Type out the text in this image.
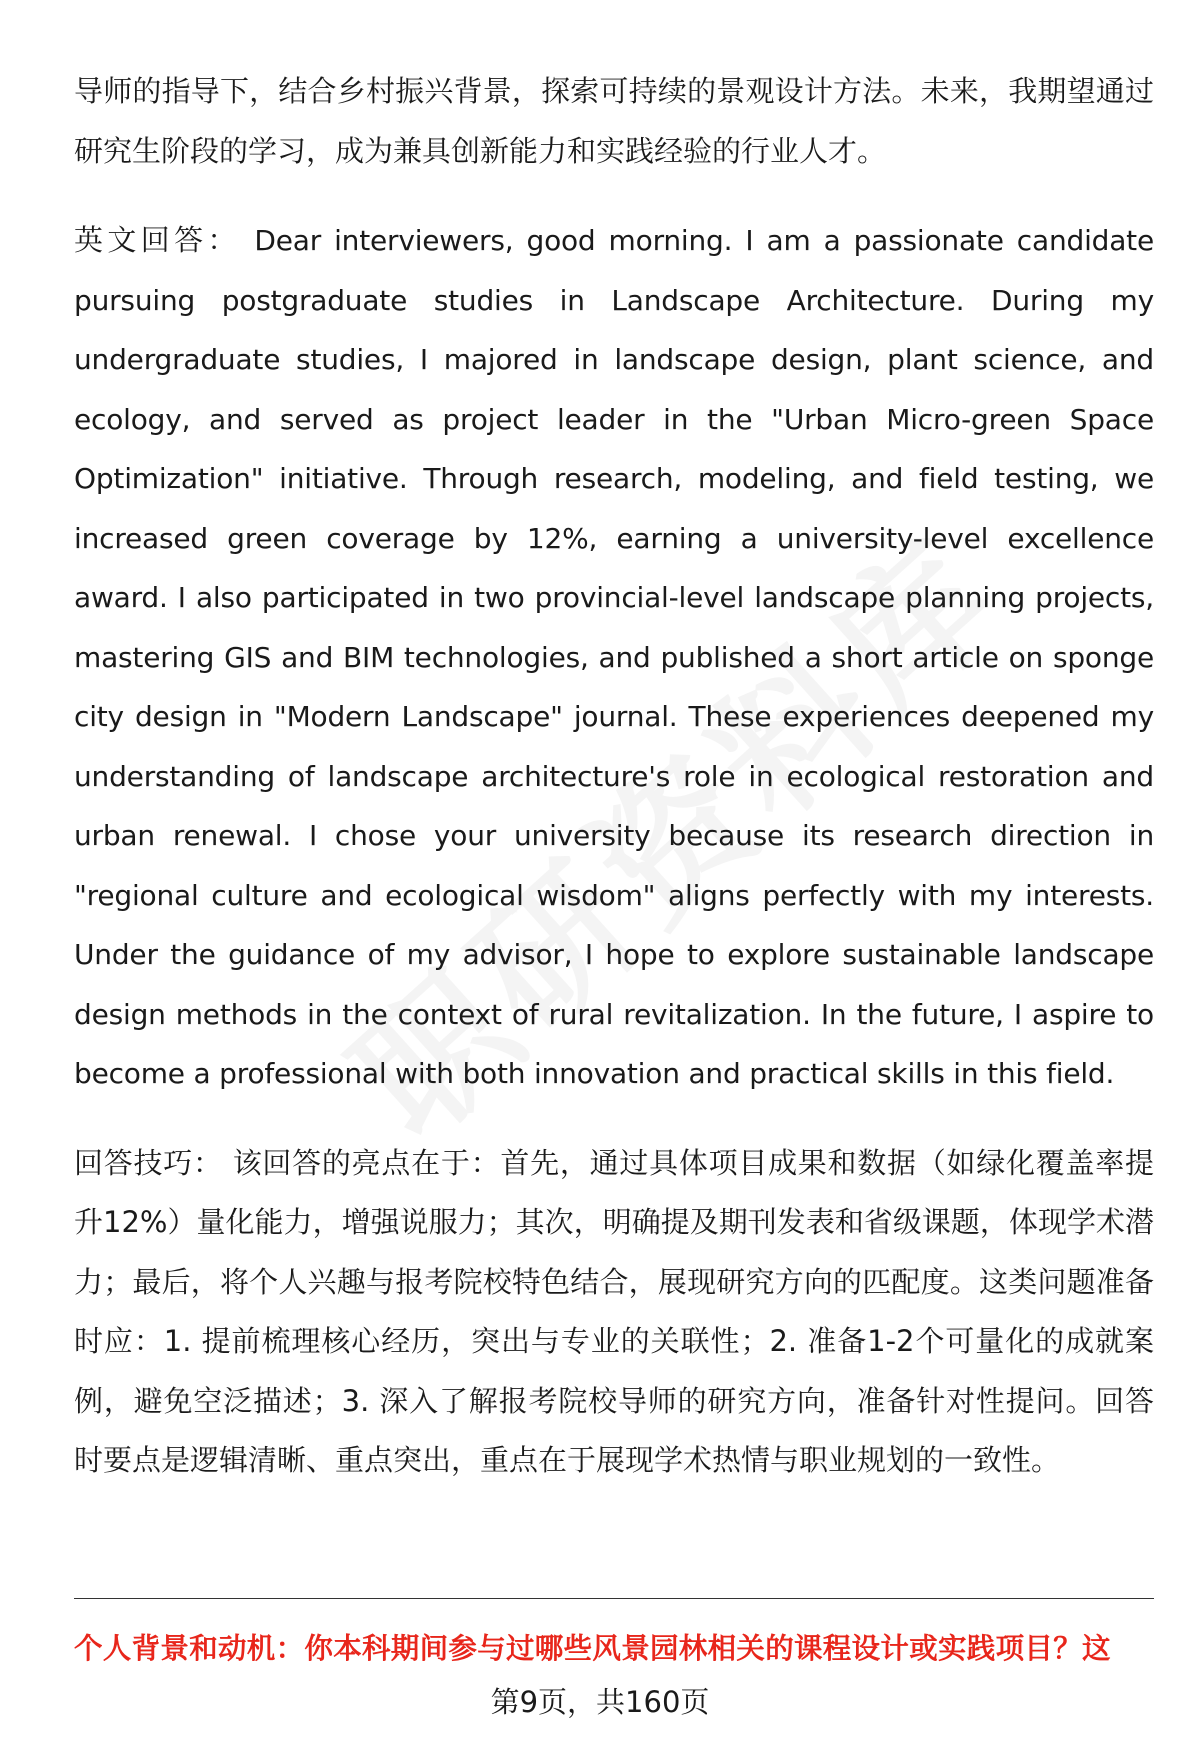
导师的指导下，结合乡村振兴背景，探索可持续的景观设计方法。未来，我期望通过研究生阶段的学习，成为兼具创新能力和实践经验的行业人才。

英文回答： Dear interviewers, good morning. I am a passionate candidate pursuing postgraduate studies in Landscape Architecture. During my undergraduate studies, I majored in landscape design, plant science, and ecology, and served as project leader in the "Urban Micro-green Space Optimization" initiative. Through research, modeling, and field testing, we increased green coverage by 12%, earning a university-level excellence award. I also participated in two provincial-level landscape planning projects, mastering GIS and BIM technologies, and published a short article on sponge city design in "Modern Landscape" journal. These experiences deepened my understanding of landscape architecture's role in ecological restoration and urban renewal. I chose your university because its research direction in "regional culture and ecological wisdom" aligns perfectly with my interests. Under the guidance of my advisor, I hope to explore sustainable landscape design methods in the context of rural revitalization. In the future, I aspire to become a professional with both innovation and practical skills in this field.

回答技巧： 该回答的亮点在于：首先，通过具体项目成果和数据（如绿化覆盖率提升12%）量化能力，增强说服力；其次，明确提及期刊发表和省级课题，体现学术潜力；最后，将个人兴趣与报考院校特色结合，展现研究方向的匹配度。这类问题准备时应：1. 提前梳理核心经历，突出与专业的关联性；2. 准备1-2个可量化的成就案例，避免空泛描述；3. 深入了解报考院校导师的研究方向，准备针对性提问。回答时要点是逻辑清晰、重点突出，重点在于展现学术热情与职业规划的一致性。

个人背景和动机：你本科期间参与过哪些风景园林相关的课程设计或实践项目？这
第9页，共160页
